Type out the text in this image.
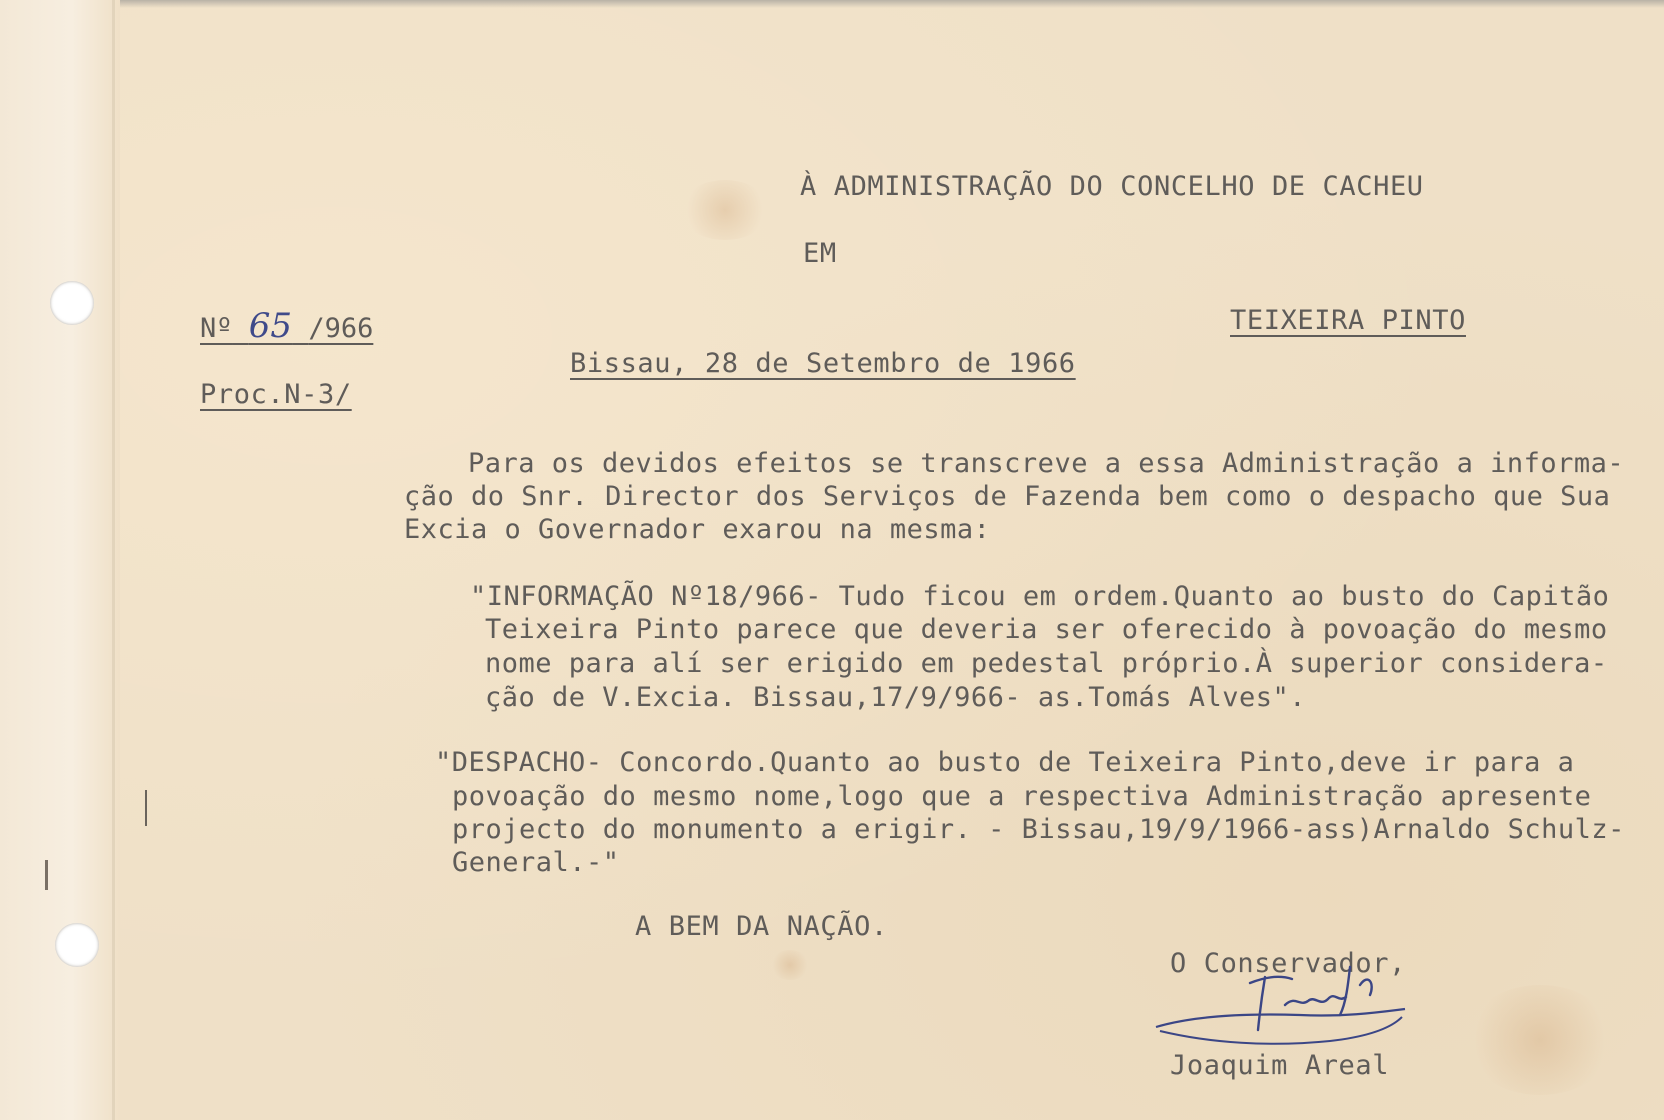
À ADMINISTRAÇÃO DO CONCELHO DE CACHEU
EM
TEIXEIRA PINTO
Nº 65 /966
Proc.N-3/
Bissau, 28 de Setembro de 1966
Para os devidos efeitos se transcreve a essa Administração a informa-
ção do Snr. Director dos Serviços de Fazenda bem como o despacho que Sua
Excia o Governador exarou na mesma:
"INFORMAÇÃO Nº18/966- Tudo ficou em ordem.Quanto ao busto do Capitão
Teixeira Pinto parece que deveria ser oferecido à povoação do mesmo
nome para alí ser erigido em pedestal próprio.À superior considera-
ção de V.Excia. Bissau,17/9/966- as.Tomás Alves".
"DESPACHO- Concordo.Quanto ao busto de Teixeira Pinto,deve ir para a
povoação do mesmo nome,logo que a respectiva Administração apresente
projecto do monumento a erigir. - Bissau,19/9/1966-ass)Arnaldo Schulz-
General.-"
A BEM DA NAÇÃO.
O Conservador,
Joaquim Areal
